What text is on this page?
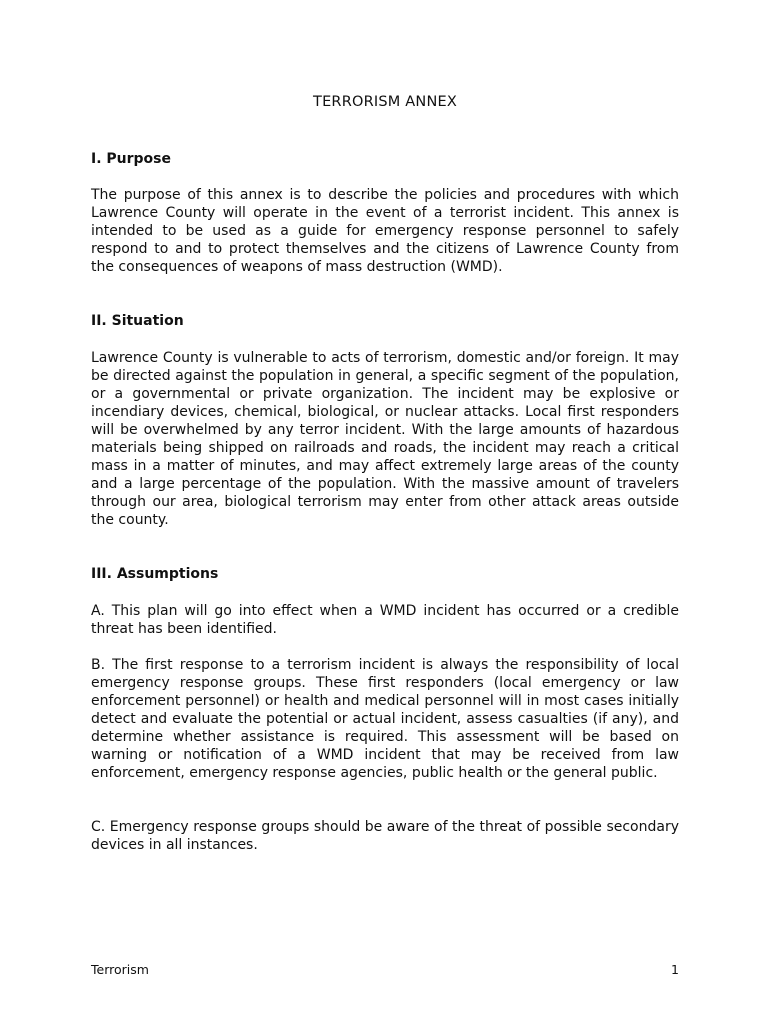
TERRORISM ANNEX

I. Purpose

The purpose of this annex is to describe the policies and procedures with which Lawrence County will operate in the event of a terrorist incident. This annex is intended to be used as a guide for emergency response personnel to safely respond to and to protect themselves and the citizens of Lawrence County from the consequences of weapons of mass destruction (WMD).

II. Situation

Lawrence County is vulnerable to acts of terrorism, domestic and/or foreign. It may be directed against the population in general, a specific segment of the population, or a governmental or private organization. The incident may be explosive or incendiary devices, chemical, biological, or nuclear attacks. Local first responders will be overwhelmed by any terror incident. With the large amounts of hazardous materials being shipped on railroads and roads, the incident may reach a critical mass in a matter of minutes, and may affect extremely large areas of the county and a large percentage of the population. With the massive amount of travelers through our area, biological terrorism may enter from other attack areas outside the county.

III. Assumptions

A. This plan will go into effect when a WMD incident has occurred or a credible threat has been identified.

B. The first response to a terrorism incident is always the responsibility of local emergency response groups. These first responders (local emergency or law enforcement personnel) or health and medical personnel will in most cases initially detect and evaluate the potential or actual incident, assess casualties (if any), and determine whether assistance is required. This assessment will be based on warning or notification of a WMD incident that may be received from law enforcement, emergency response agencies, public health or the general public.

C. Emergency response groups should be aware of the threat of possible secondary devices in all instances.

Terrorism	1
